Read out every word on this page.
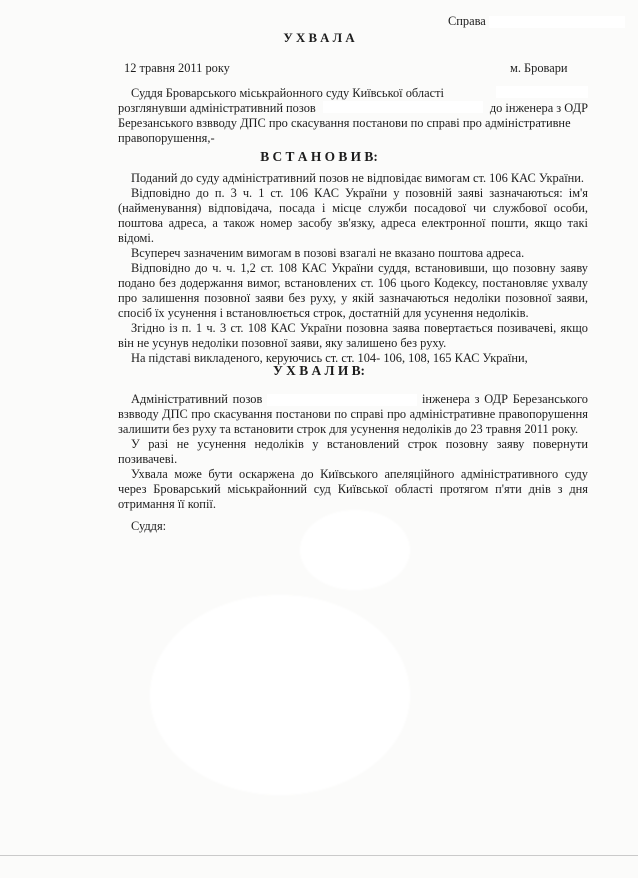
Справа
У Х В А Л А
12 травня 2011 року	м. Бровари
Суддя Броварського міськрайонного суду Київської області
розглянувши адміністративний позов	до інженера з ОДР
Березанського взвводу ДПС про скасування постанови по справі про адміністративне
правопорушення,-
В С Т А Н О В И В:
Поданий до суду адміністративний позов не відповідає вимогам ст. 106 КАС України.
Відповідно до п. 3 ч. 1 ст. 106 КАС України у позовній заяві зазначаються: ім'я (найменування) відповідача, посада і місце служби посадової чи службової особи, поштова адреса, а також номер засобу зв'язку, адреса електронної пошти, якщо такі відомі.
Всупереч зазначеним вимогам в позові взагалі не вказано поштова адреса.
Відповідно до ч. ч. 1,2 ст. 108 КАС України суддя, встановивши, що позовну заяву подано без додержання вимог, встановлених ст. 106 цього Кодексу, постановляє ухвалу про залишення позовної заяви без руху, у якій зазначаються недоліки позовної заяви, спосіб їх усунення і встановлюється строк, достатній для усунення недоліків.
Згідно із п. 1 ч. 3 ст. 108 КАС України позовна заява повертається позивачеві, якщо він не усунув недоліки позовної заяви, яку залишено без руху.
На підставі викладеного, керуючись ст. ст. 104- 106, 108, 165 КАС України,
У Х В А Л И В:
Адміністративний позов	інженера з ОДР Березанського взвводу ДПС про скасування постанови по справі про адміністративне правопорушення залишити без руху та встановити строк для усунення недоліків до 23 травня 2011 року.
У разі не усунення недоліків у встановлений строк позовну заяву повернути позивачеві.
Ухвала може бути оскаржена до Київського апеляційного адміністративного суду через Броварський міськрайонний суд Київської області протягом п'яти днів з дня отримання її копії.
Суддя:
